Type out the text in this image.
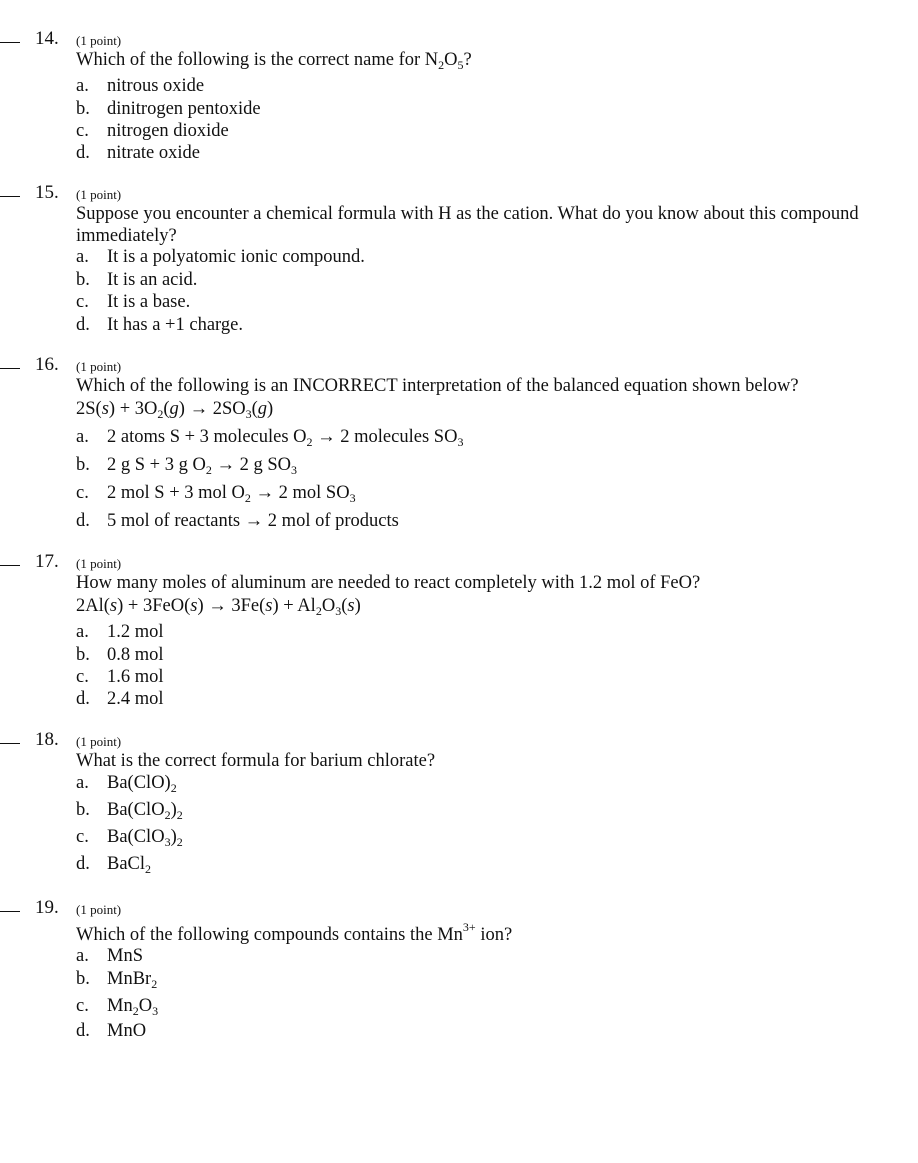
14. (1 point)
Which of the following is the correct name for $N_2O_5$?
a. nitrous oxide
b. dinitrogen pentoxide
c. nitrogen dioxide
d. nitrate oxide
15. (1 point)
Suppose you encounter a chemical formula with H as the cation. What do you know about this compound
immediately?
a. It is a polyatomic ionic compound.
b. It is an acid.
c. It is a base.
d. It has a +1 charge.
16. (1 point)
Which of the following is an INCORRECT interpretation of the balanced equation shown below?
$2S(s) + 3O_2(g) \to 2SO_3(g)$
a. 2 atoms S + 3 molecules $O_2 \to 2$ molecules $SO_3$
b. 2 g S + 3 g $O_2 \to 2$ g $SO_3$
c. 2 mol S + 3 mol $O_2 \to 2$ mol $SO_3$
d. 5 mol of reactants → 2 mol of products
17. (1 point)
How many moles of aluminum are needed to react completely with 1.2 mol of FeO?
$2Al(s) + 3FeO(s) \to 3Fe(s) + Al_2O_3(s)$
a. 1.2 mol
b. 0.8 mol
c. 1.6 mol
d. 2.4 mol
18. (1 point)
What is the correct formula for barium chlorate?
a. $Ba(ClO)_2$
b. $Ba(ClO_2)_2$
c. $Ba(ClO_3)_2$
d. BaCl$_2$
19. (1 point)
Which of the following compounds contains the $Mn^{3+}$ ion?
a. MnS
b. MnBr$_2$
c. $Mn_2O_3$
d. MnO
